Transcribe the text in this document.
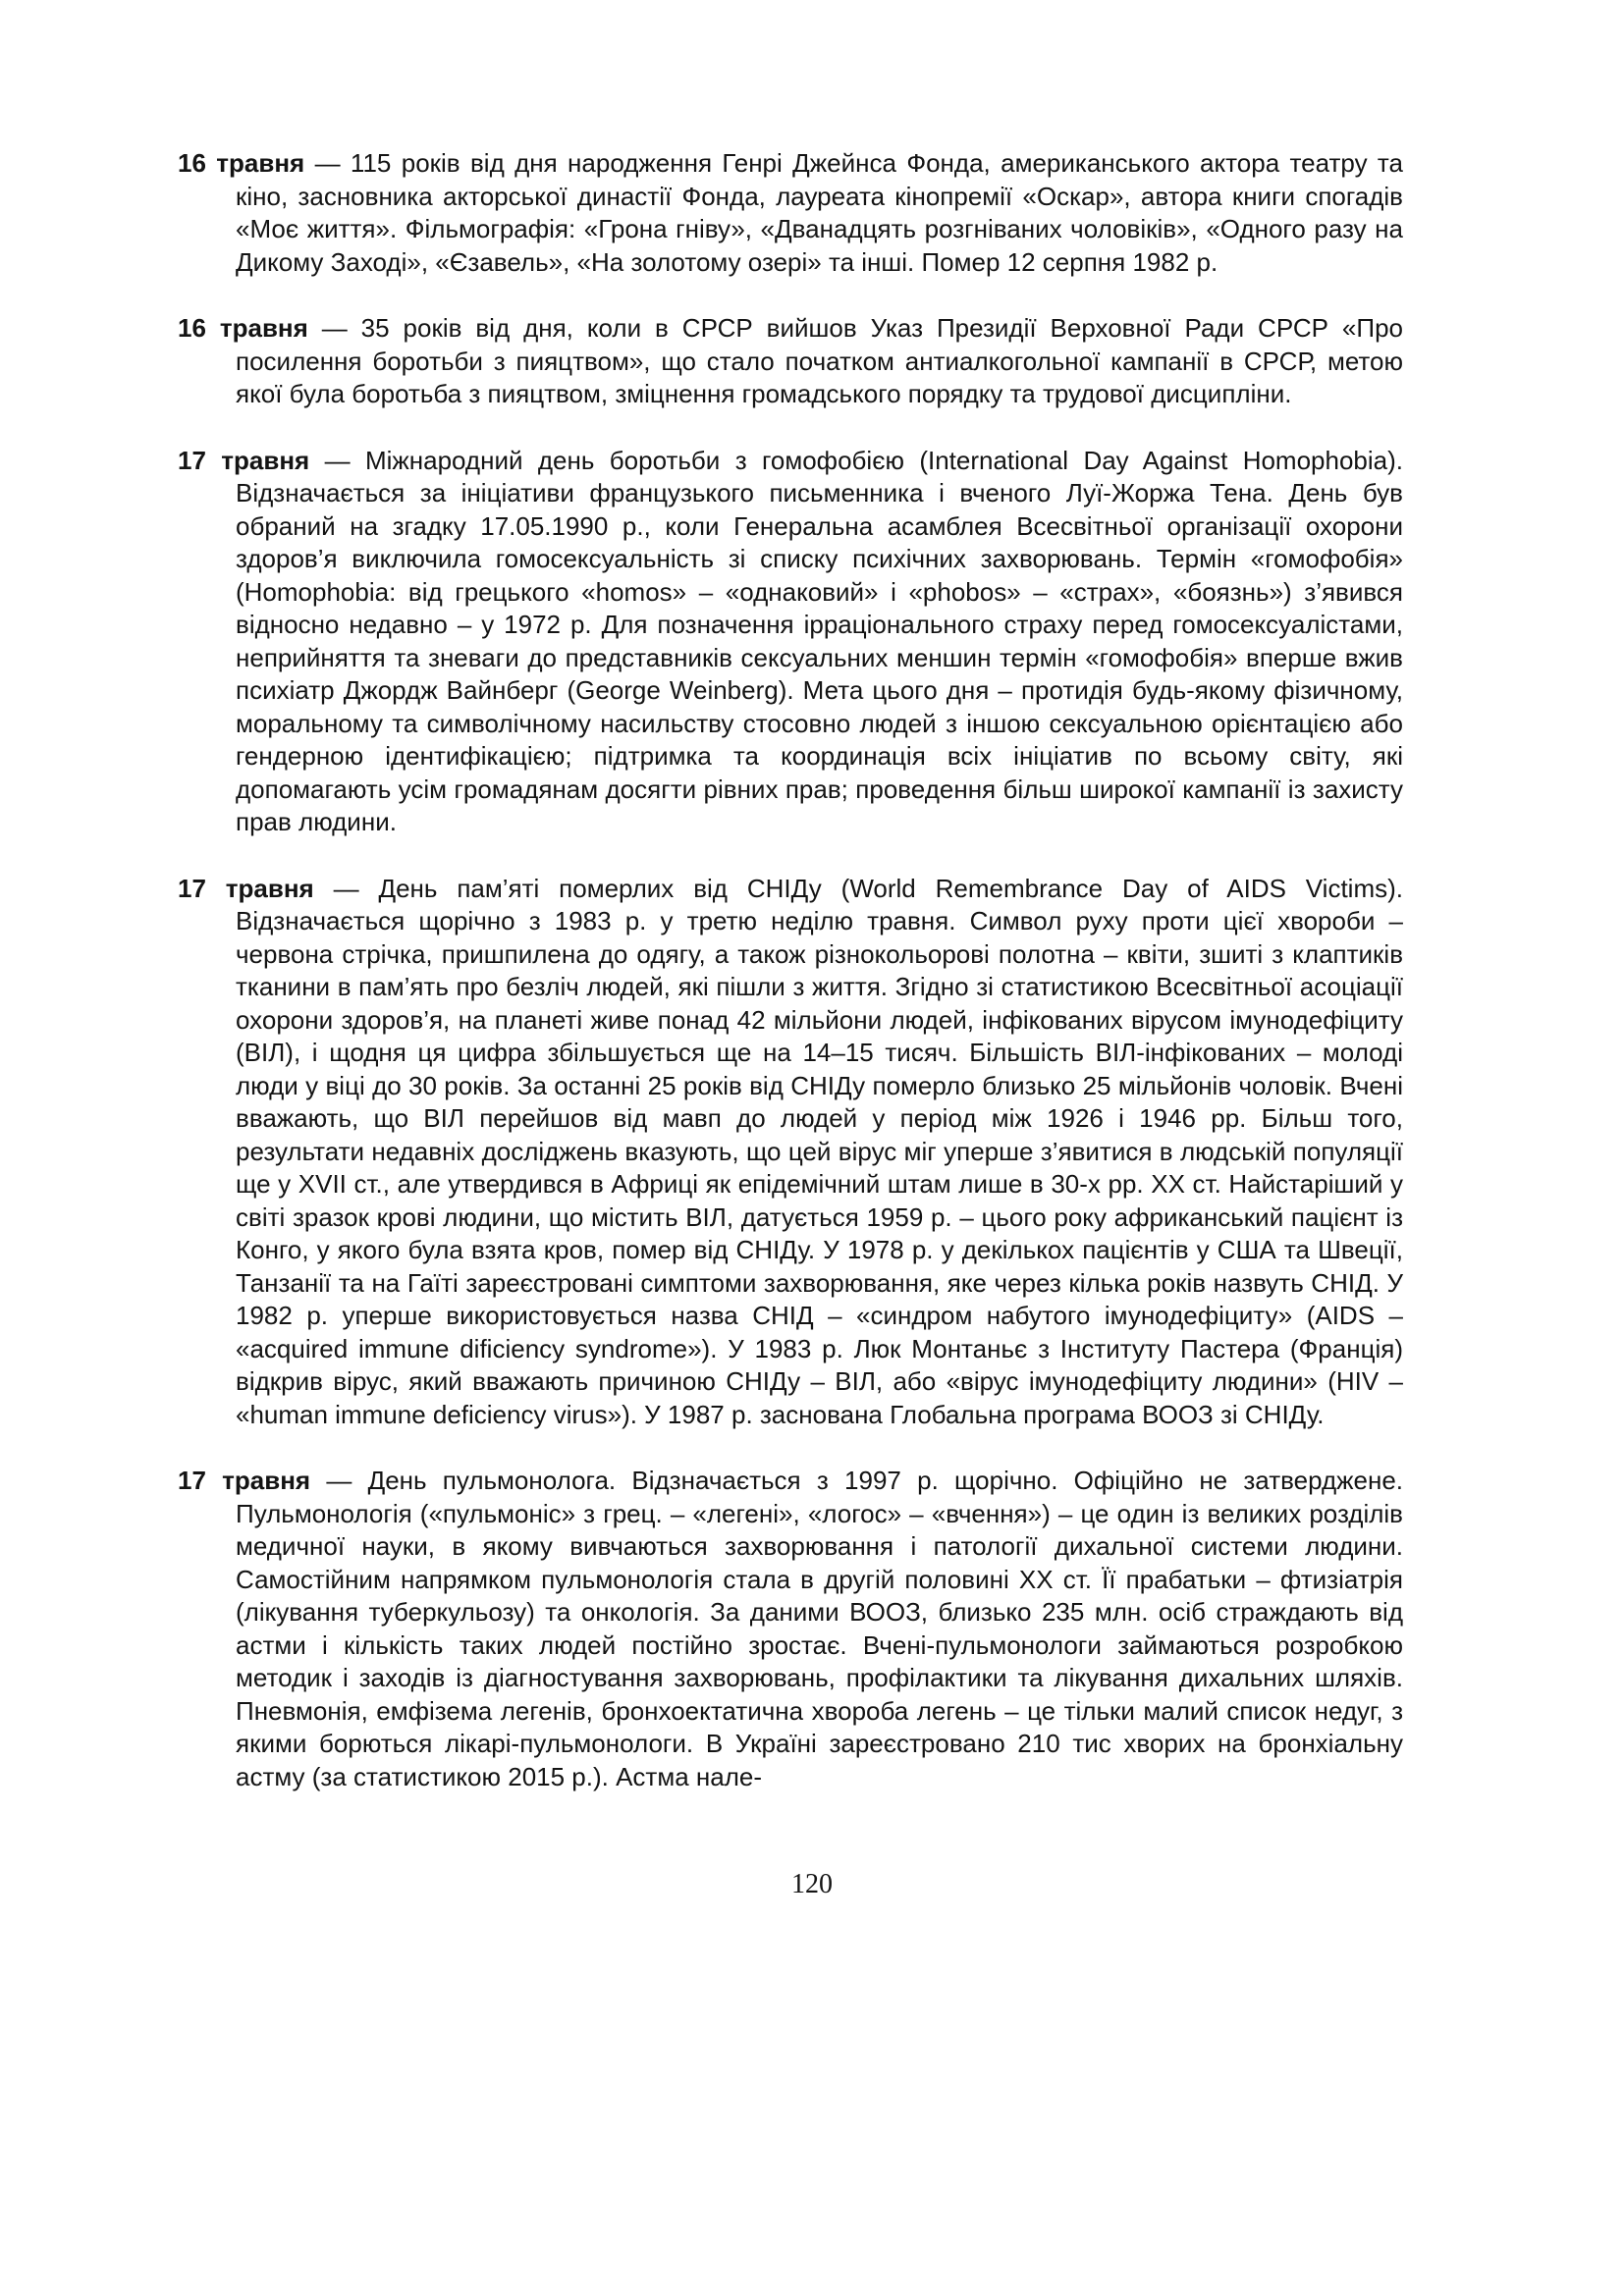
16 травня — 115 років від дня народження Генрі Джейнса Фонда, американського актора театру та кіно, засновника акторської династії Фонда, лауреата кінопремії «Оскар», автора книги спогадів «Моє життя». Фільмографія: «Грона гніву», «Дванадцять розгніваних чоловіків», «Одного разу на Дикому Заході», «Єзавель», «На золотому озері» та інші. Помер 12 серпня 1982 р.

16 травня — 35 років від дня, коли в СРСР вийшов Указ Президії Верховної Ради СРСР «Про посилення боротьби з пияцтвом», що стало початком антиалкогольної кампанії в СРСР, метою якої була боротьба з пияцтвом, зміцнення громадського порядку та трудової дисципліни.

17 травня — Міжнародний день боротьби з гомофобією (International Day Against Homophobia). Відзначається за ініціативи французького письменника і вченого Луї-Жоржа Тена. День був обраний на згадку 17.05.1990 р., коли Генеральна асамблея Всесвітньої організації охорони здоров’я виключила гомосексуальність зі списку психічних захворювань. Термін «гомофобія» (Homophobia: від грецького «homos» – «однаковий» і «phobos» – «страх», «боязнь») з’явився відносно недавно – у 1972 р. Для позначення ірраціонального страху перед гомосексуалістами, неприйняття та зневаги до представників сексуальних меншин термін «гомофобія» вперше вжив психіатр Джордж Вайнберг (George Weinberg). Мета цього дня – протидія будь-якому фізичному, моральному та символічному насильству стосовно людей з іншою сексуальною орієнтацією або гендерною ідентифікацією; підтримка та координація всіх ініціатив по всьому світу, які допомагають усім громадянам досягти рівних прав; проведення більш широкої кампанії із захисту прав людини.

17 травня — День пам’яті померлих від СНІДу (World Remembrance Day of AIDS Victims). Відзначається щорічно з 1983 р. у третю неділю травня. Символ руху проти цієї хвороби – червона стрічка, пришпилена до одягу, а також різнокольорові полотна – квіти, зшиті з клаптиків тканини в пам’ять про безліч людей, які пішли з життя. Згідно зі статистикою Всесвітньої асоціації охорони здоров’я, на планеті живе понад 42 мільйони людей, інфікованих вірусом імунодефіциту (ВІЛ), і щодня ця цифра збільшується ще на 14–15 тисяч. Більшість ВІЛ-інфікованих – молоді люди у віці до 30 років. За останні 25 років від СНІДу померло близько 25 мільйонів чоловік. Вчені вважають, що ВІЛ перейшов від мавп до людей у період між 1926 і 1946 рр. Більш того, результати недавніх досліджень вказують, що цей вірус міг уперше з’явитися в людській популяції ще у XVII ст., але утвердився в Африці як епідемічний штам лише в 30-х рр. XX ст. Найстаріший у світі зразок крові людини, що містить ВІЛ, датується 1959 р. – цього року африканський пацієнт із Конго, у якого була взята кров, помер від СНІДу. У 1978 р. у декількох пацієнтів у США та Швеції, Танзанії та на Гаїті зареєстровані симптоми захворювання, яке через кілька років назвуть СНІД. У 1982 р. уперше використовується назва СНІД – «синдром набутого імунодефіциту» (AIDS – «acquired immune dificiency syndrome»). У 1983 р. Люк Монтаньє з Інституту Пастера (Франція) відкрив вірус, який вважають причиною СНІДу – ВІЛ, або «вірус імунодефіциту людини» (HIV – «human immune deficiency virus»). У 1987 р. заснована Глобальна програма ВООЗ зі СНІДу.

17 травня — День пульмонолога. Відзначається з 1997 р. щорічно. Офіційно не затверджене. Пульмонологія («пульмоніс» з грец. – «легені», «логос» – «вчення») – це один із великих розділів медичної науки, в якому вивчаються захворювання і патології дихальної системи людини. Самостійним напрямком пульмонологія стала в другій половині XX ст. Її прабатьки – фтизіатрія (лікування туберкульозу) та онкологія. За даними ВООЗ, близько 235 млн. осіб страждають від астми і кількість таких людей постійно зростає. Вчені-пульмонологи займаються розробкою методик і заходів із діагностування захворювань, профілактики та лікування дихальних шляхів. Пневмонія, емфізема легенів, бронхоектатична хвороба легень – це тільки малий список недуг, з якими борються лікарі-пульмонологи. В Україні зареєстровано 210 тис хворих на бронхіальну астму (за статистикою 2015 р.). Астма нале-

120
